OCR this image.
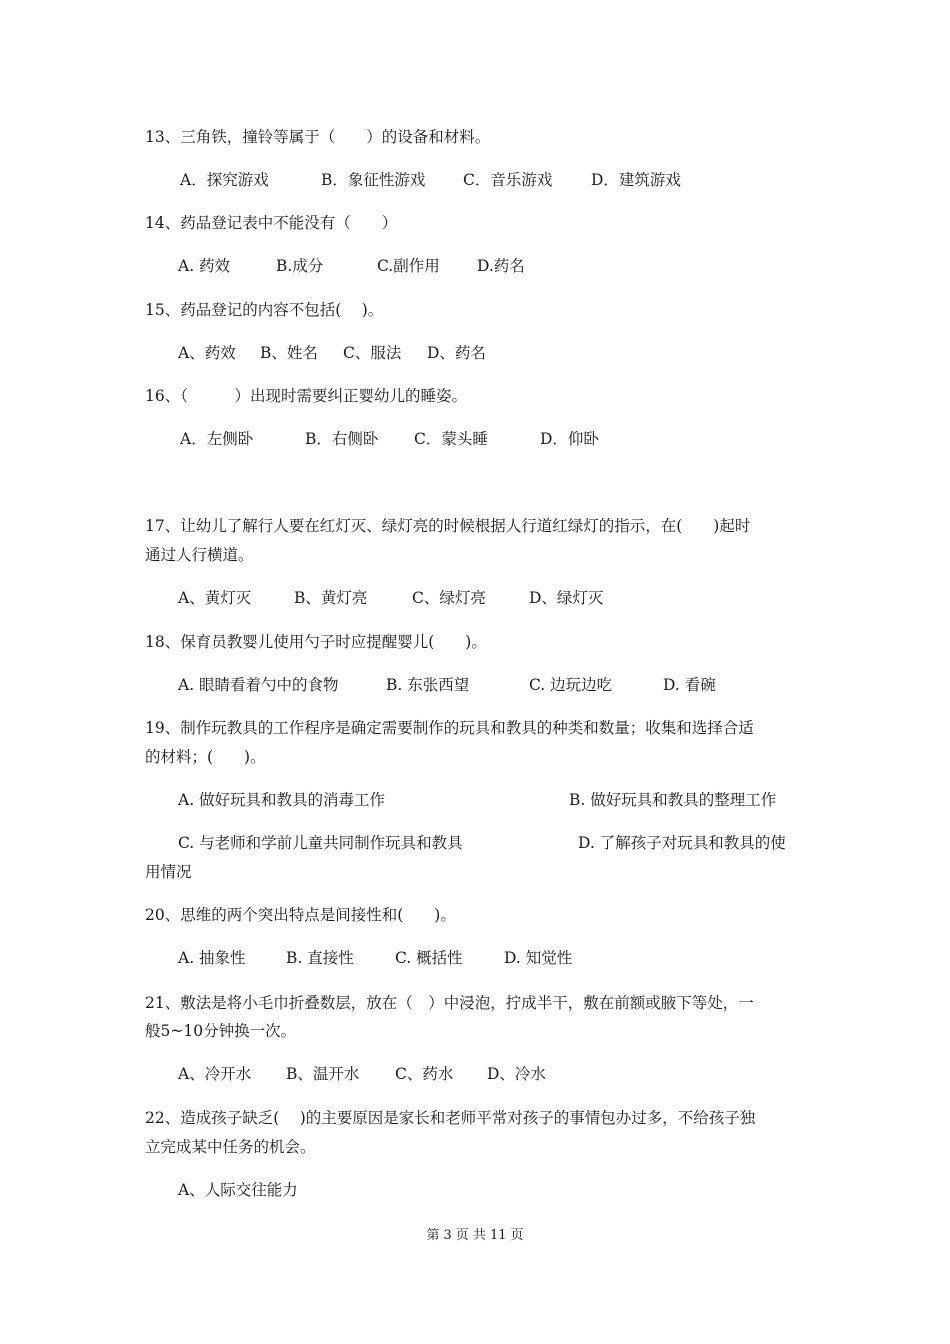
13、三角铁，撞铃等属于（　　）的设备和材料。
A．探究游戏	B．象征性游戏 C．音乐游戏 D．建筑游戏
14、药品登记表中不能没有（　　）
A. 药效	B.成分	C.副作用 D.药名
15、药品登记的内容不包括(　 )。
A、药效 B、姓名 C、服法 D、药名
16、（　　　）出现时需要纠正婴幼儿的睡姿。
A．左侧卧	B．右侧卧 C．蒙头睡	D．仰卧
17、让幼儿了解行人要在红灯灭、绿灯亮的时候根据人行道红绿灯的指示，在(　　)起时
通过人行横道。
A、黄灯灭	B、黄灯亮	C、绿灯亮	D、绿灯灭
18、保育员教婴儿使用勺子时应提醒婴儿(　　)。
A. 眼睛看着勺中的食物	B. 东张西望	C. 边玩边吃	D. 看碗
19、制作玩教具的工作程序是确定需要制作的玩具和教具的种类和数量；收集和选择合适
的材料；(　　)。
A. 做好玩具和教具的消毒工作	B. 做好玩具和教具的整理工作
C. 与老师和学前儿童共同制作玩具和教具	D. 了解孩子对玩具和教具的使
用情况
20、思维的两个突出特点是间接性和(　　)。
A. 抽象性	B. 直接性	C. 概括性	D. 知觉性
21、敷法是将小毛巾折叠数层，放在（　）中浸泡，拧成半干，敷在前额或腋下等处，一
般5~10分钟换一次。
A、冷开水 B、温开水 C、药水 D、冷水
22、造成孩子缺乏(　 )的主要原因是家长和老师平常对孩子的事情包办过多，不给孩子独
立完成某中任务的机会。
A、人际交往能力
第 3 页 共 11 页
